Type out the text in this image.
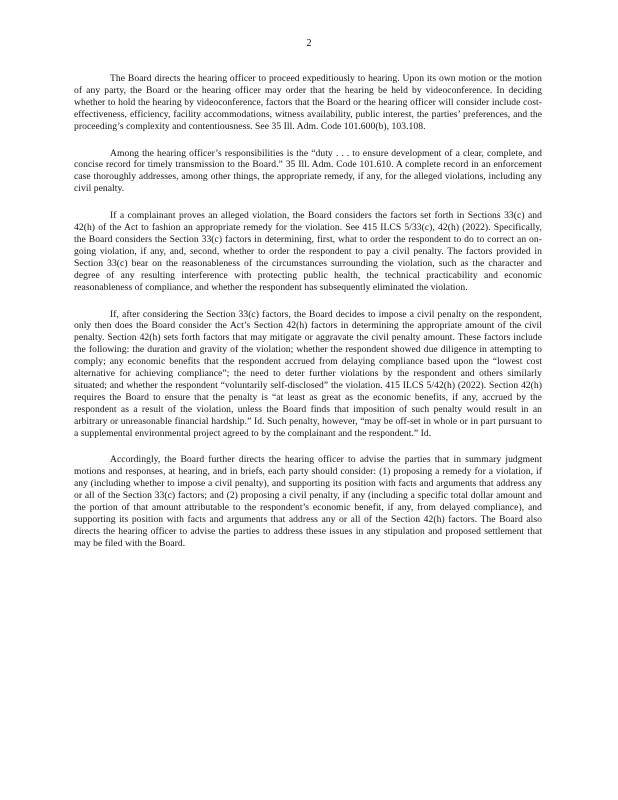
2

The Board directs the hearing officer to proceed expeditiously to hearing. Upon its own motion or the motion of any party, the Board or the hearing officer may order that the hearing be held by videoconference. In deciding whether to hold the hearing by videoconference, factors that the Board or the hearing officer will consider include cost-effectiveness, efficiency, facility accommodations, witness availability, public interest, the parties’ preferences, and the proceeding’s complexity and contentiousness. See 35 Ill. Adm. Code 101.600(b), 103.108.

Among the hearing officer’s responsibilities is the “duty . . . to ensure development of a clear, complete, and concise record for timely transmission to the Board.” 35 Ill. Adm. Code 101.610. A complete record in an enforcement case thoroughly addresses, among other things, the appropriate remedy, if any, for the alleged violations, including any civil penalty.

If a complainant proves an alleged violation, the Board considers the factors set forth in Sections 33(c) and 42(h) of the Act to fashion an appropriate remedy for the violation. See 415 ILCS 5/33(c), 42(h) (2022). Specifically, the Board considers the Section 33(c) factors in determining, first, what to order the respondent to do to correct an on-going violation, if any, and, second, whether to order the respondent to pay a civil penalty. The factors provided in Section 33(c) bear on the reasonableness of the circumstances surrounding the violation, such as the character and degree of any resulting interference with protecting public health, the technical practicability and economic reasonableness of compliance, and whether the respondent has subsequently eliminated the violation.

If, after considering the Section 33(c) factors, the Board decides to impose a civil penalty on the respondent, only then does the Board consider the Act’s Section 42(h) factors in determining the appropriate amount of the civil penalty. Section 42(h) sets forth factors that may mitigate or aggravate the civil penalty amount. These factors include the following: the duration and gravity of the violation; whether the respondent showed due diligence in attempting to comply; any economic benefits that the respondent accrued from delaying compliance based upon the “lowest cost alternative for achieving compliance”; the need to deter further violations by the respondent and others similarly situated; and whether the respondent “voluntarily self-disclosed” the violation. 415 ILCS 5/42(h) (2022). Section 42(h) requires the Board to ensure that the penalty is “at least as great as the economic benefits, if any, accrued by the respondent as a result of the violation, unless the Board finds that imposition of such penalty would result in an arbitrary or unreasonable financial hardship.” Id. Such penalty, however, “may be off-set in whole or in part pursuant to a supplemental environmental project agreed to by the complainant and the respondent.” Id.

Accordingly, the Board further directs the hearing officer to advise the parties that in summary judgment motions and responses, at hearing, and in briefs, each party should consider: (1) proposing a remedy for a violation, if any (including whether to impose a civil penalty), and supporting its position with facts and arguments that address any or all of the Section 33(c) factors; and (2) proposing a civil penalty, if any (including a specific total dollar amount and the portion of that amount attributable to the respondent’s economic benefit, if any, from delayed compliance), and supporting its position with facts and arguments that address any or all of the Section 42(h) factors. The Board also directs the hearing officer to advise the parties to address these issues in any stipulation and proposed settlement that may be filed with the Board.
